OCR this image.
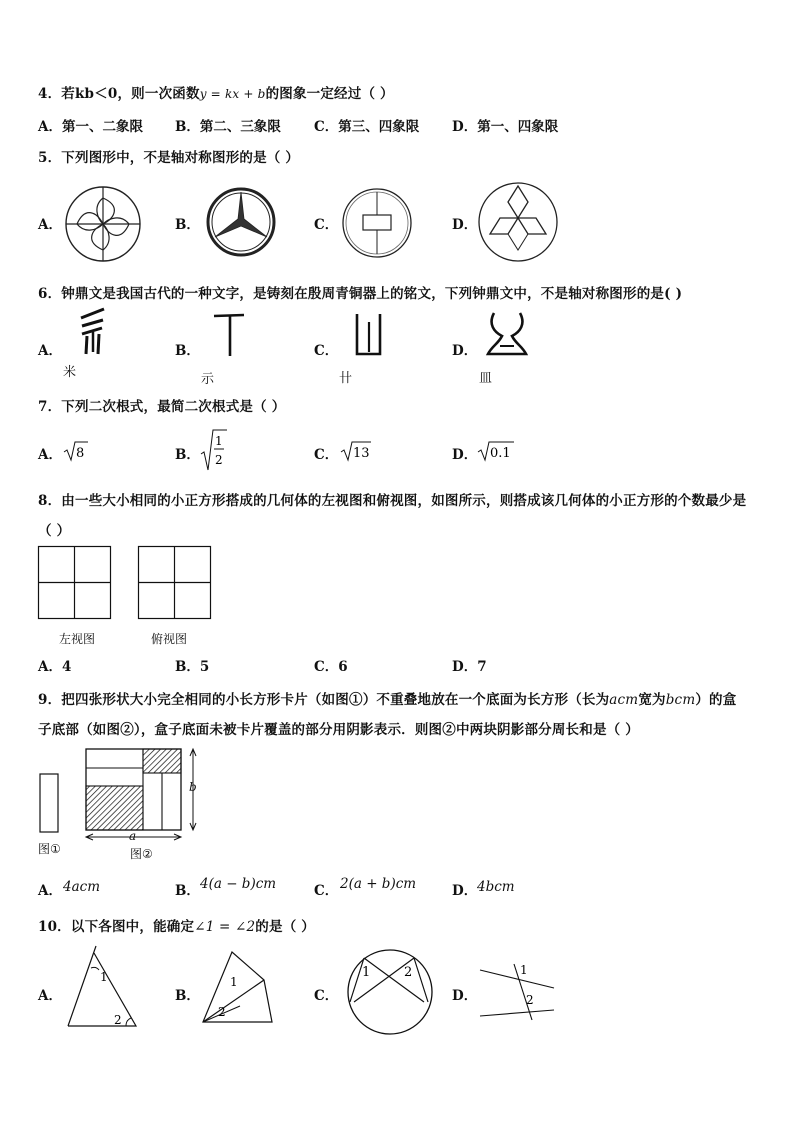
4．若kb＜0，则一次函数y = kx + b的图象一定经过（ ）
A．第一、二象限 B．第二、三象限 C．第三、四象限 D．第一、四象限
5．下列图形中，不是轴对称图形的是（ ）
A．	B．	C．	D．
6．钟鼎文是我国古代的一种文字，是铸刻在殷周青铜器上的铭文，下列钟鼎文中，不是轴对称图形的是( )
A．	B．	C．	D．
米	示	卄	皿
7．下列二次根式，最简二次根式是（ ）
A． 8	B．
1
2	C． 13	D． 0.1
8．由一些大小相同的小正方形搭成的几何体的左视图和俯视图，如图所示，则搭成该几何体的小正方形的个数最少是
（ ）
左视图	俯视图
A．4	B．5	C．6	D．7
9．把四张形状大小完全相同的小长方形卡片（如图①）不重叠地放在一个底面为长方形（长为acm宽为bcm）的盒
子底部（如图②），盒子底面未被卡片覆盖的部分用阴影表示．则图②中两块阴影部分周长和是（ ）
图①
b
a
图②
A． 4acm	B． 4(a − b)cm	C． 2(a + b)cm	D． 4bcm
10．以下各图中，能确定∠1 = ∠2的是（ ）
A．	B．	C．	D．
1
2
1
2
1	2	1
2
